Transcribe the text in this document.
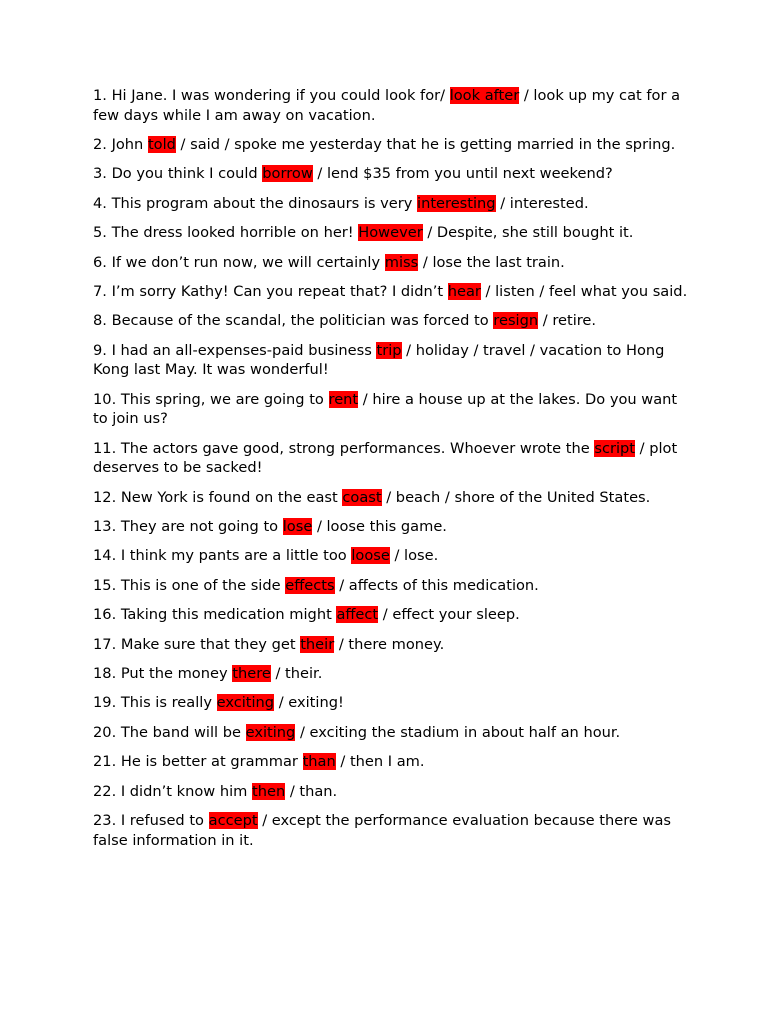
1. Hi Jane. I was wondering if you could look for/ look after / look up my cat for a few days while I am away on vacation.

2. John told / said / spoke me yesterday that he is getting married in the spring.

3. Do you think I could borrow / lend $35 from you until next weekend?

4. This program about the dinosaurs is very interesting / interested.

5. The dress looked horrible on her! However / Despite, she still bought it.

6. If we don’t run now, we will certainly miss / lose the last train.

7. I’m sorry Kathy! Can you repeat that? I didn’t hear / listen / feel what you said.

8. Because of the scandal, the politician was forced to resign / retire.

9. I had an all-expenses-paid business trip / holiday / travel / vacation to Hong Kong last May. It was wonderful!

10. This spring, we are going to rent / hire a house up at the lakes. Do you want to join us?

11. The actors gave good, strong performances. Whoever wrote the script / plot deserves to be sacked!

12. New York is found on the east coast / beach / shore of the United States.

13. They are not going to lose / loose this game.

14. I think my pants are a little too loose / lose.

15. This is one of the side effects / affects of this medication.

16. Taking this medication might affect / effect your sleep.

17. Make sure that they get their / there money.

18. Put the money there / their.

19. This is really exciting / exiting!

20. The band will be exiting / exciting the stadium in about half an hour.

21. He is better at grammar than / then I am.

22. I didn’t know him then / than.

23. I refused to accept / except the performance evaluation because there was false information in it.
